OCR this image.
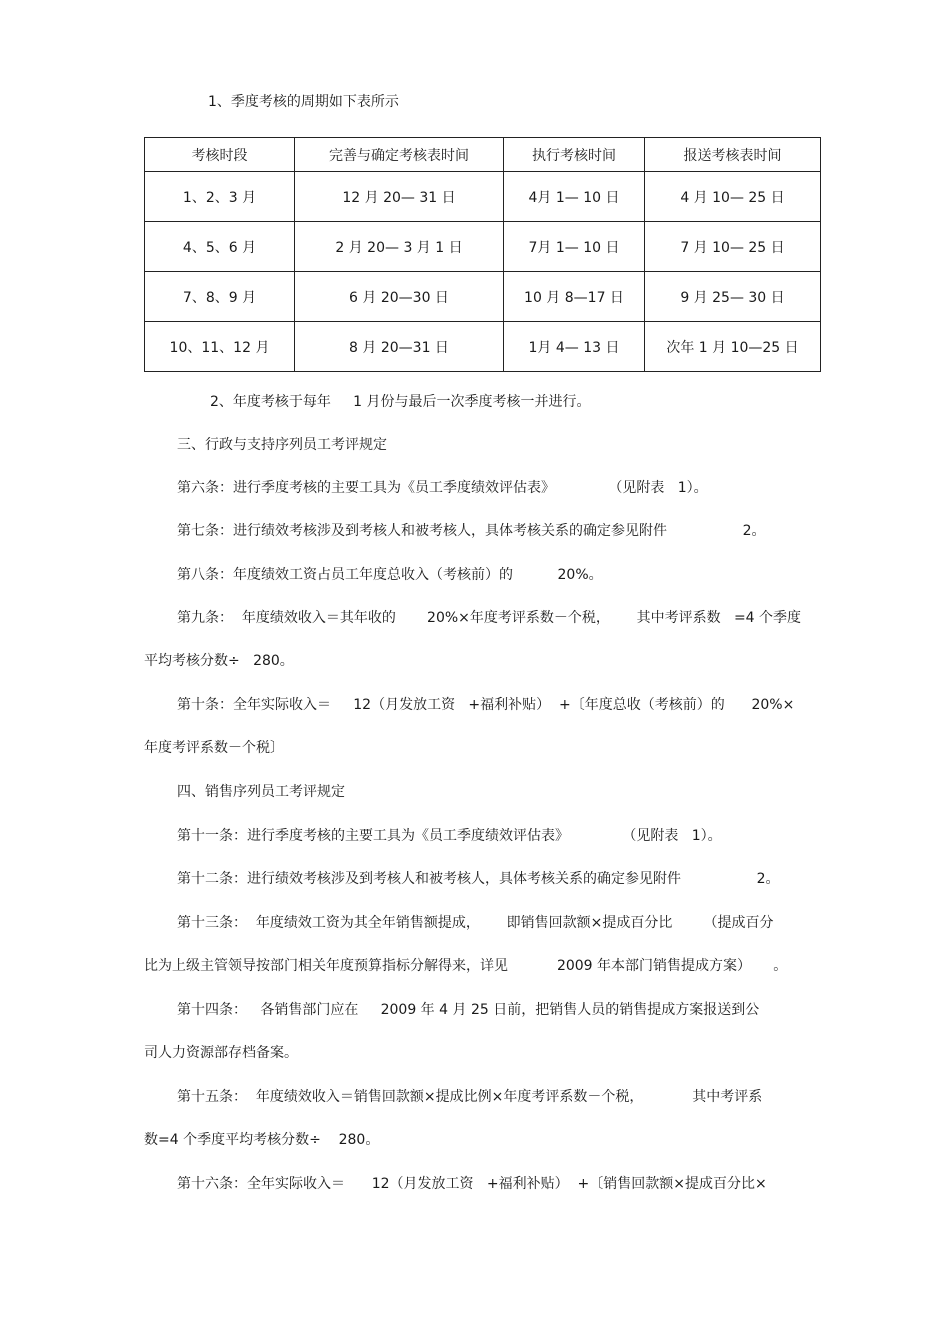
1、季度考核的周期如下表所示
考核时段	完善与确定考核表时间	执行考核时间	报送考核表时间
1、2、3 月	12 月 20— 31 日	4月 1— 10 日	4 月 10— 25 日
4、5、6 月	2 月 20— 3 月 1 日	7月 1— 10 日	7 月 10— 25 日
7、8、9 月	6 月 20—30 日	10 月 8—17 日	9 月 25— 30 日
10、11、12 月	8 月 20—31 日	1月 4— 13 日	次年 1 月 10—25 日
2、年度考核于每年     1 月份与最后一次季度考核一并进行。
三、行政与支持序列员工考评规定
第六条：进行季度考核的主要工具为《员工季度绩效评估表》            （见附表   1）。
第七条：进行绩效考核涉及到考核人和被考核人，具体考核关系的确定参见附件                 2。
第八条：年度绩效工资占员工年度总收入（考核前）的          20%。
第九条：  年度绩效收入＝其年收的       20%×年度考评系数－个税，      其中考评系数   =4 个季度
平均考核分数÷   280。
第十条：全年实际收入＝     12（月发放工资   +福利补贴）  +〔年度总收（考核前）的      20%×
年度考评系数－个税〕
四、销售序列员工考评规定
第十一条：进行季度考核的主要工具为《员工季度绩效评估表》            （见附表   1）。
第十二条：进行绩效考核涉及到考核人和被考核人，具体考核关系的确定参见附件                 2。
第十三条：  年度绩效工资为其全年销售额提成，      即销售回款额×提成百分比       （提成百分
比为上级主管领导按部门相关年度预算指标分解得来，详见           2009 年本部门销售提成方案）     。
第十四条：   各销售部门应在     2009 年 4 月 25 日前，把销售人员的销售提成方案报送到公
司人力资源部存档备案。
第十五条：  年度绩效收入＝销售回款额×提成比例×年度考评系数－个税，           其中考评系
数=4 个季度平均考核分数÷    280。
第十六条：全年实际收入＝      12（月发放工资   +福利补贴）  +〔销售回款额×提成百分比×
